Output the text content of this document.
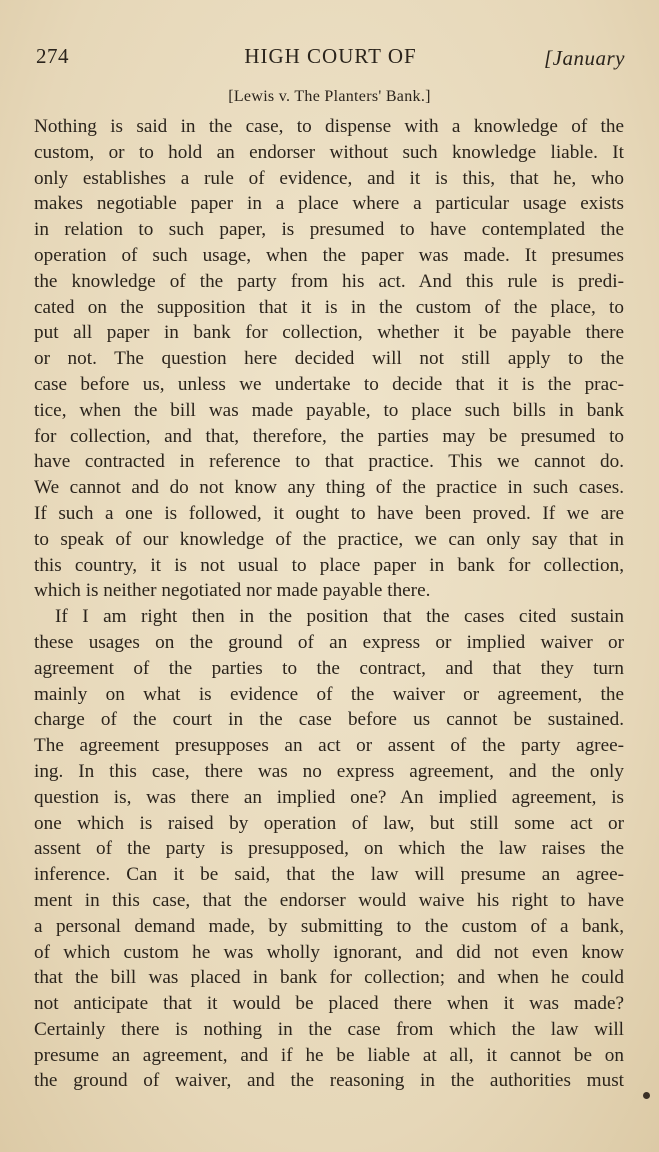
274	HIGH COURT OF	[January
[Lewis v. The Planters' Bank.]
Nothing is said in the case, to dispense with a knowledge of the
custom, or to hold an endorser without such knowledge liable. It
only establishes a rule of evidence, and it is this, that he, who
makes negotiable paper in a place where a particular usage exists
in relation to such paper, is presumed to have contemplated the
operation of such usage, when the paper was made. It presumes
the knowledge of the party from his act. And this rule is predi-
cated on the supposition that it is in the custom of the place, to
put all paper in bank for collection, whether it be payable there
or not. The question here decided will not still apply to the
case before us, unless we undertake to decide that it is the prac-
tice, when the bill was made payable, to place such bills in bank
for collection, and that, therefore, the parties may be presumed to
have contracted in reference to that practice. This we cannot do.
We cannot and do not know any thing of the practice in such cases.
If such a one is followed, it ought to have been proved. If we are
to speak of our knowledge of the practice, we can only say that in
this country, it is not usual to place paper in bank for collection,
which is neither negotiated nor made payable there.
If I am right then in the position that the cases cited sustain
these usages on the ground of an express or implied waiver or
agreement of the parties to the contract, and that they turn
mainly on what is evidence of the waiver or agreement, the
charge of the court in the case before us cannot be sustained.
The agreement presupposes an act or assent of the party agree-
ing. In this case, there was no express agreement, and the only
question is, was there an implied one? An implied agreement, is
one which is raised by operation of law, but still some act or
assent of the party is presupposed, on which the law raises the
inference. Can it be said, that the law will presume an agree-
ment in this case, that the endorser would waive his right to have
a personal demand made, by submitting to the custom of a bank,
of which custom he was wholly ignorant, and did not even know
that the bill was placed in bank for collection; and when he could
not anticipate that it would be placed there when it was made?
Certainly there is nothing in the case from which the law will
presume an agreement, and if he be liable at all, it cannot be on
the ground of waiver, and the reasoning in the authorities must
